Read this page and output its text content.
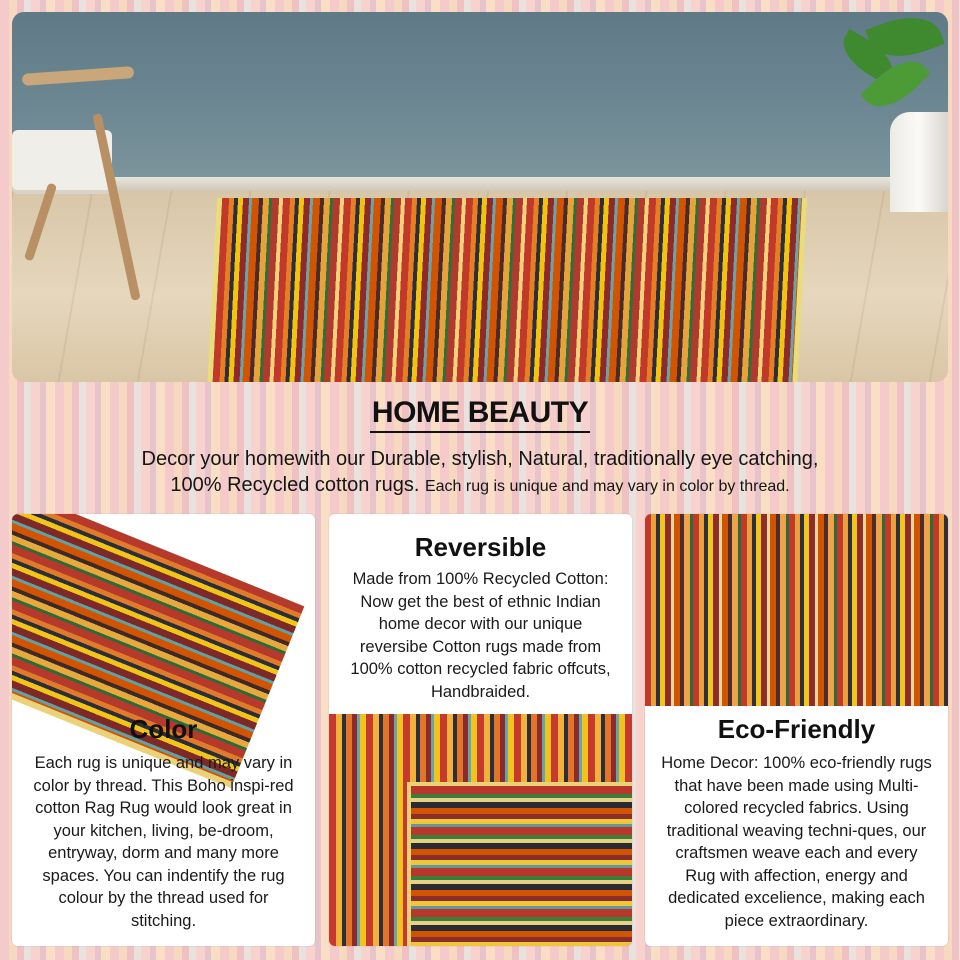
HOME BEAUTY
Decor your homewith our Durable, stylish, Natural, traditionally eye catching,
100% Recycled cotton rugs. Each rug is unique and may vary in color by thread.
Color
Each rug is unique and may vary in color by thread. This Boho inspi-red cotton Rag Rug would look great in your kitchen, living, be-droom, entryway, dorm and many more spaces. You can indentify the rug colour by the thread used for stitching.
Reversible
Made from 100% Recycled Cotton: Now get the best of ethnic Indian home decor with our unique reversibe Cotton rugs made from 100% cotton recycled fabric offcuts, Handbraided.
Eco-Friendly
Home Decor: 100% eco-friendly rugs that have been made using Multi-colored recycled fabrics. Using traditional weaving techni-ques, our craftsmen weave each and every Rug with affection, energy and dedicated excelience, making each piece extraordinary.
